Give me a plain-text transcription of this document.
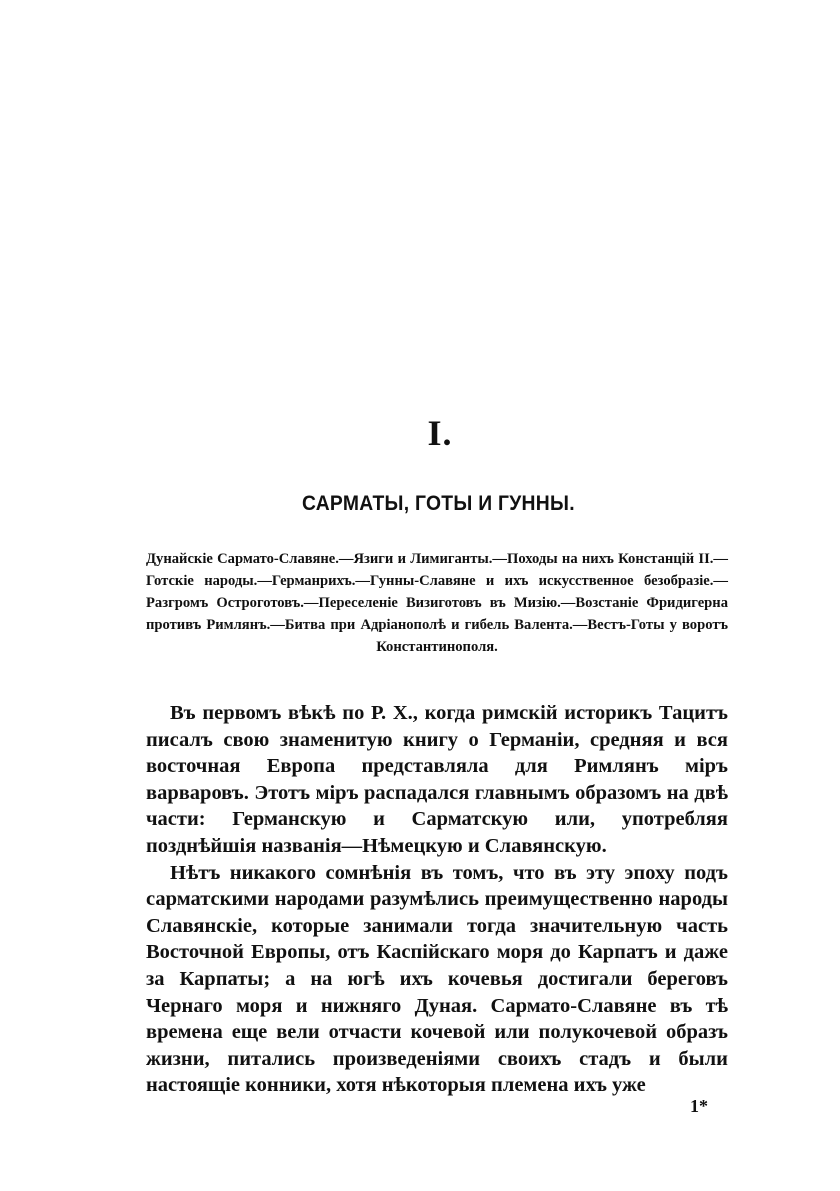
I.
САРМАТЫ, ГОТЫ И ГУННЫ.
Дунайскіе Сармато-Славяне.—Язиги и Лимиганты.—Походы на нихъ Констанцій II.—Готскіе народы.—Германрихъ.—Гунны-Славяне и ихъ искусственное безобразіе.—Разгромъ Остроготовъ.—Переселеніе Визиготовъ въ Мизію.—Возстаніе Фридигерна противъ Римлянъ.—Битва при Адріанополѣ и гибель Валента.—Вестъ-Готы у воротъ Константинополя.

Въ первомъ вѣкѣ по Р. Х., когда римскій историкъ Тацитъ писалъ свою знаменитую книгу о Германіи, средняя и вся восточная Европа представляла для Римлянъ міръ варваровъ. Этотъ міръ распадался главнымъ образомъ на двѣ части: Германскую и Сарматскую или, употребляя позднѣйшія названія—Нѣмецкую и Славянскую.

Нѣтъ никакого сомнѣнія въ томъ, что въ эту эпоху подъ сарматскими народами разумѣлись преимущественно народы Славянскіе, которые занимали тогда значительную часть Восточной Европы, отъ Каспійскаго моря до Карпатъ и даже за Карпаты; а на югѣ ихъ кочевья достигали береговъ Чернаго моря и нижняго Дуная. Сармато-Славяне въ тѣ времена еще вели отчасти кочевой или полукочевой образъ жизни, питались произведеніями своихъ стадъ и были настоящіе конники, хотя нѣкоторыя племена ихъ уже

1*
